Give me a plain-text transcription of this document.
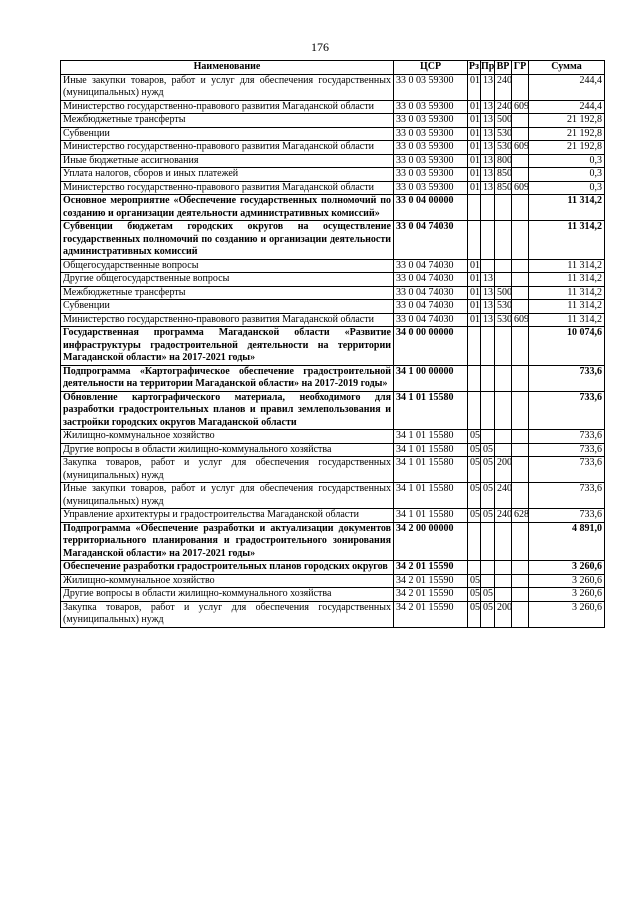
176
Наименование	ЦСР	Рз	Пр	ВР	ГР	Сумма
Иные закупки товаров, работ и услуг для обеспечения государственных (муниципальных) нужд	33 0 03 59300	01	13	240		244,4
Министерство государственно-правового развития Магаданской области	33 0 03 59300	01	13	240	609	244,4
Межбюджетные трансферты	33 0 03 59300	01	13	500		21 192,8
Субвенции	33 0 03 59300	01	13	530		21 192,8
Министерство государственно-правового развития Магаданской области	33 0 03 59300	01	13	530	609	21 192,8
Иные бюджетные ассигнования	33 0 03 59300	01	13	800		0,3
Уплата налогов, сборов и иных платежей	33 0 03 59300	01	13	850		0,3
Министерство государственно-правового развития Магаданской области	33 0 03 59300	01	13	850	609	0,3
Основное мероприятие «Обеспечение государственных полномочий по созданию и организации деятельности административных комиссий»	33 0 04 00000					11 314,2
Субвенции бюджетам городских округов на осуществление государственных полномочий по созданию и организации деятельности административных комиссий	33 0 04 74030					11 314,2
Общегосударственные вопросы	33 0 04 74030	01				11 314,2
Другие общегосударственные вопросы	33 0 04 74030	01	13			11 314,2
Межбюджетные трансферты	33 0 04 74030	01	13	500		11 314,2
Субвенции	33 0 04 74030	01	13	530		11 314,2
Министерство государственно-правового развития Магаданской области	33 0 04 74030	01	13	530	609	11 314,2
Государственная программа Магаданской области «Развитие инфраструктуры градостроительной деятельности на территории Магаданской области» на 2017-2021 годы»	34 0 00 00000					10 074,6
Подпрограмма «Картографическое обеспечение градостроительной деятельности на территории Магаданской области» на 2017-2019 годы»	34 1 00 00000					733,6
Обновление картографического материала, необходимого для разработки градостроительных планов и правил землепользования и застройки городских округов Магаданской области	34 1 01 15580					733,6
Жилищно-коммунальное хозяйство	34 1 01 15580	05				733,6
Другие вопросы в области жилищно-коммунального хозяйства	34 1 01 15580	05	05			733,6
Закупка товаров, работ и услуг для обеспечения государственных (муниципальных) нужд	34 1 01 15580	05	05	200		733,6
Иные закупки товаров, работ и услуг для обеспечения государственных (муниципальных) нужд	34 1 01 15580	05	05	240		733,6
Управление архитектуры и градостроительства Магаданской области	34 1 01 15580	05	05	240	628	733,6
Подпрограмма «Обеспечение разработки и актуализации документов территориального планирования и градостроительного зонирования Магаданской области» на 2017-2021 годы»	34 2 00 00000					4 891,0
Обеспечение разработки градостроительных планов городских округов	34 2 01 15590					3 260,6
Жилищно-коммунальное хозяйство	34 2 01 15590	05				3 260,6
Другие вопросы в области жилищно-коммунального хозяйства	34 2 01 15590	05	05			3 260,6
Закупка товаров, работ и услуг для обеспечения государственных (муниципальных) нужд	34 2 01 15590	05	05	200		3 260,6
